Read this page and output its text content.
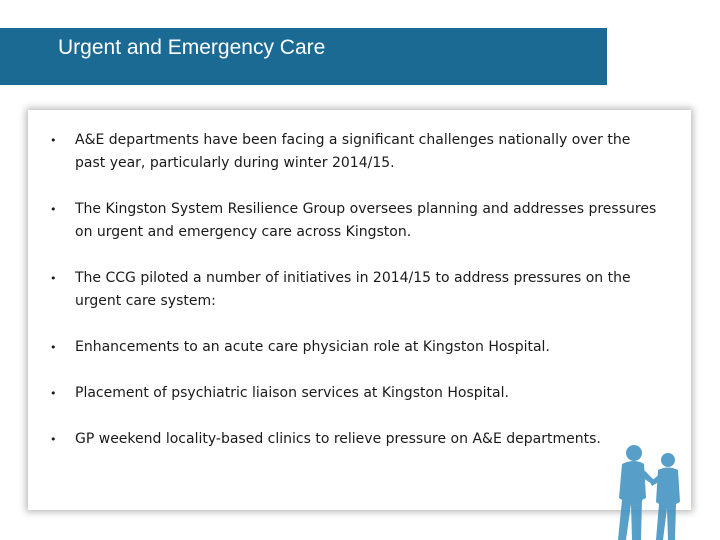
Urgent and Emergency Care
• A&E departments have been facing a significant challenges nationally over the past year, particularly during winter 2014/15.
• The Kingston System Resilience Group oversees planning and addresses pressures on urgent and emergency care across Kingston.
• The CCG piloted a number of initiatives in 2014/15 to address pressures on the urgent care system:
• Enhancements to an acute care physician role at Kingston Hospital.
• Placement of psychiatric liaison services at Kingston Hospital.
• GP weekend locality-based clinics to relieve pressure on A&E departments.
